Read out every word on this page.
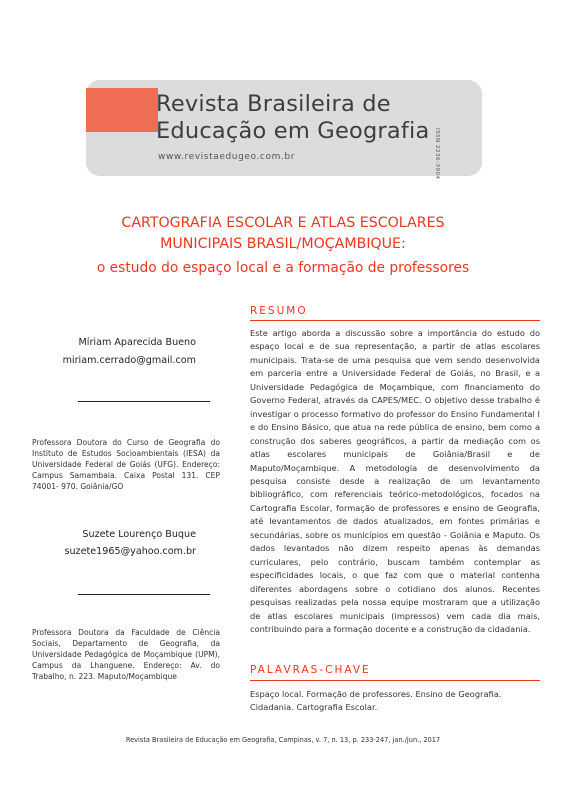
Revista Brasileira de
Educação em Geografia
www.revistaedugeo.com.br	ISSN 2236-3904
CARTOGRAFIA ESCOLAR E ATLAS ESCOLARES
MUNICIPAIS BRASIL/MOÇAMBIQUE:
o estudo do espaço local e a formação de professores
Míriam Aparecida Bueno
miriam.cerrado@gmail.com

Professora Doutora do Curso de Geografia do Instituto de Estudos Socioambientais (IESA) da Universidade Federal de Goiás (UFG). Endereço: Campus Samambaia. Caixa Postal 131. CEP 74001- 970. Goiânia/GO

Suzete Lourenço Buque
suzete1965@yahoo.com.br

Professora Doutora da Faculdade de Ciência Sociais, Departamento de Geografia, da Universidade Pedagógica de Moçambique (UPM), Campus da Lhanguene. Endereço: Av. do Trabalho, n. 223. Maputo/Moçambique

RESUMO

Este artigo aborda a discussão sobre a importância do estudo do espaço local e de sua representação, a partir de atlas escolares municipais. Trata-se de uma pesquisa que vem sendo desenvolvida em parceria entre a Universidade Federal de Goiás, no Brasil, e a Universidade Pedagógica de Moçambique, com financiamento do Governo Federal, através da CAPES/MEC. O objetivo desse trabalho é investigar o processo formativo do professor do Ensino Fundamental I e do Ensino Básico, que atua na rede pública de ensino, bem como a construção dos saberes geográficos, a partir da mediação com os atlas escolares municipais de Goiânia/Brasil e de Maputo/Moçambique. A metodologia de desenvolvimento da pesquisa consiste desde a realização de um levantamento bibliográfico, com referenciais teórico-metodológicos, focados na Cartografia Escolar, formação de professores e ensino de Geografia, até levantamentos de dados atualizados, em fontes primárias e secundárias, sobre os municípios em questão - Goiânia e Maputo. Os dados levantados não dizem respeito apenas às demandas curriculares, pelo contrário, buscam também contemplar as especificidades locais, o que faz com que o material contenha diferentes abordagens sobre o cotidiano dos alunos. Recentes pesquisas realizadas pela nossa equipe mostraram que a utilização de atlas escolares municipais (impressos) vem cada dia mais, contribuindo para a formação docente e a construção da cidadania.

PALAVRAS-CHAVE

Espaço local. Formação de professores. Ensino de Geografia. Cidadania. Cartografia Escolar.

Revista Brasileira de Educação em Geografia, Campinas, v. 7, n. 13, p. 233-247, jan./jun., 2017
